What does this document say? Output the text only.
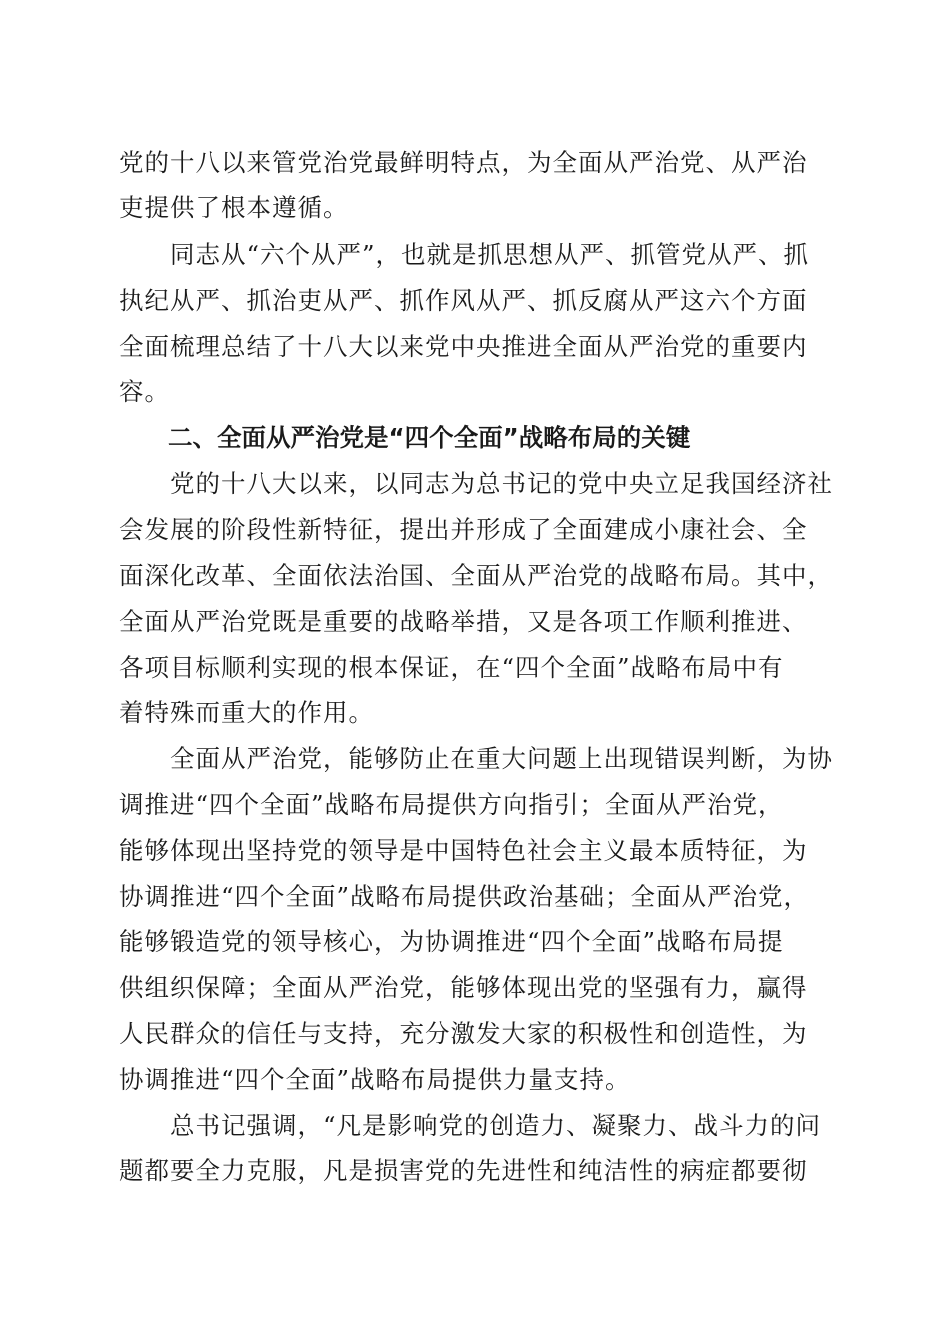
党的十八以来管党治党最鲜明特点，为全面从严治党、从严治
吏提供了根本遵循。
　　同志从“六个从严”，也就是抓思想从严、抓管党从严、抓
执纪从严、抓治吏从严、抓作风从严、抓反腐从严这六个方面
全面梳理总结了十八大以来党中央推进全面从严治党的重要内
容。
　　二、全面从严治党是“四个全面”战略布局的关键
　　党的十八大以来，以同志为总书记的党中央立足我国经济社
会发展的阶段性新特征，提出并形成了全面建成小康社会、全
面深化改革、全面依法治国、全面从严治党的战略布局。其中，
全面从严治党既是重要的战略举措，又是各项工作顺利推进、
各项目标顺利实现的根本保证，在“四个全面”战略布局中有
着特殊而重大的作用。
　　全面从严治党，能够防止在重大问题上出现错误判断，为协
调推进“四个全面”战略布局提供方向指引；全面从严治党，
能够体现出坚持党的领导是中国特色社会主义最本质特征，为
协调推进“四个全面”战略布局提供政治基础；全面从严治党，
能够锻造党的领导核心，为协调推进“四个全面”战略布局提
供组织保障；全面从严治党，能够体现出党的坚强有力，赢得
人民群众的信任与支持，充分激发大家的积极性和创造性，为
协调推进“四个全面”战略布局提供力量支持。
　　总书记强调，“凡是影响党的创造力、凝聚力、战斗力的问
题都要全力克服，凡是损害党的先进性和纯洁性的病症都要彻
